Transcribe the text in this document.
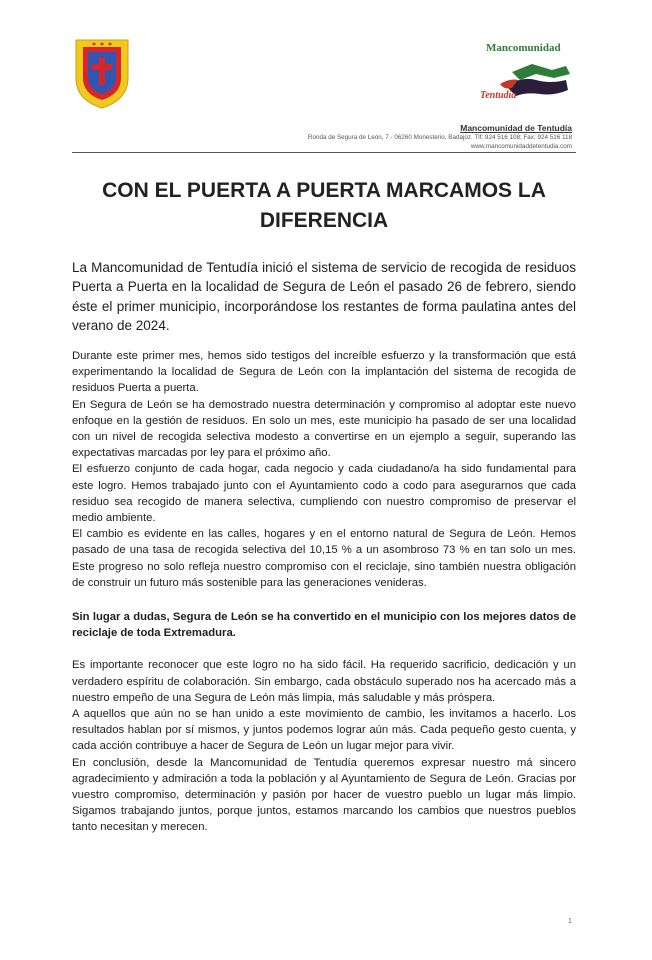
Mancomunidad
Tentudía
Mancomunidad de Tentudía
Ronda de Segura de León, 7 - 06260 Monesterio, Badajoz. Tlf: 924 516 108; Fax: 924 516 118
www.mancomunidaddetentudia.com
CON EL PUERTA A PUERTA MARCAMOS LA DIFERENCIA

La Mancomunidad de Tentudía inició el sistema de servicio de recogida de residuos Puerta a Puerta en la localidad de Segura de León el pasado 26 de febrero, siendo éste el primer municipio, incorporándose los restantes de forma paulatina antes del verano de 2024.

Durante este primer mes, hemos sido testigos del increíble esfuerzo y la transformación que está experimentando la localidad de Segura de León con la implantación del sistema de recogida de residuos Puerta a puerta.

En Segura de León se ha demostrado nuestra determinación y compromiso al adoptar este nuevo enfoque en la gestión de residuos. En solo un mes, este municipio ha pasado de ser una localidad con un nivel de recogida selectiva modesto a convertirse en un ejemplo a seguir, superando las expectativas marcadas por ley para el próximo año.

El esfuerzo conjunto de cada hogar, cada negocio y cada ciudadano/a ha sido fundamental para este logro. Hemos trabajado junto con el Ayuntamiento codo a codo para asegurarnos que cada residuo sea recogido de manera selectiva, cumpliendo con nuestro compromiso de preservar el medio ambiente.

El cambio es evidente en las calles, hogares y en el entorno natural de Segura de León. Hemos pasado de una tasa de recogida selectiva del 10,15 % a un asombroso 73 % en tan solo un mes. Este progreso no solo refleja nuestro compromiso con el reciclaje, sino también nuestra obligación de construir un futuro más sostenible para las generaciones venideras.

Sin lugar a dudas, Segura de León se ha convertido en el municipio con los mejores datos de reciclaje de toda Extremadura.

Es importante reconocer que este logro no ha sido fácil. Ha requerido sacrificio, dedicación y un verdadero espíritu de colaboración. Sin embargo, cada obstáculo superado nos ha acercado más a nuestro empeño de una Segura de León más limpia, más saludable y más próspera.

A aquellos que aún no se han unido a este movimiento de cambio, les invitamos a hacerlo. Los resultados hablan por sí mismos, y juntos podemos lograr aún más. Cada pequeño gesto cuenta, y cada acción contribuye a hacer de Segura de León un lugar mejor para vivir.

En conclusión, desde la Mancomunidad de Tentudía queremos expresar nuestro má sincero agradecimiento y admiración a toda la población y al Ayuntamiento de Segura de León. Gracias por vuestro compromiso, determinación y pasión por hacer de vuestro pueblo un lugar más limpio. Sigamos trabajando juntos, porque juntos, estamos marcando los cambios que nuestros pueblos tanto necesitan y merecen.

1
